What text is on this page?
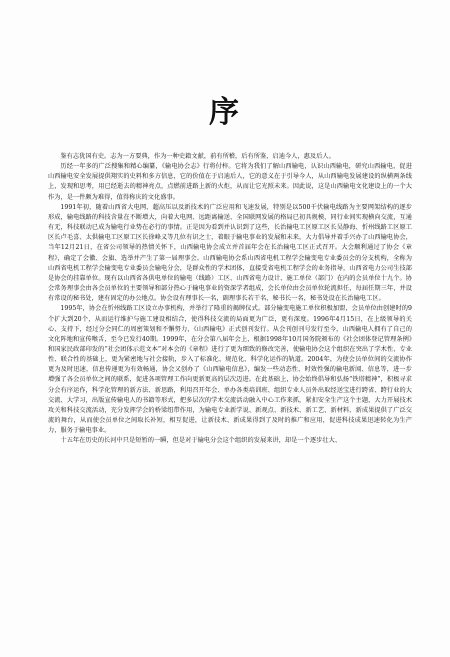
序

鉴有志犹国有史。志为一方要典，作为一种史籍文献，前有所稽，后有所鉴，启迪今人，惠及后人。

历经一年多的广泛搜集和精心编纂，《输电协会志》行将付梓。它将为我们了解山西输电，认识山西输电，研究山西输电，促进山西输电安全发展提供翔实的史料和多方信息，它的价值在于启迪后人，它的意义在于引导今人，从山西输电发展建设的纵横两条线上，发现和思考，用已经逝去的精神亮点，点燃前进路上新的火炬，从而让它光照未来。因此说，这是山西输电文化建设上的一个大作为，是一件颇为难得，值得称庆的文化盛事。

1991年初，随着山西省大电网、超高压以及新技术的广泛应用和飞速发展，特别是以500千伏输电线路为主要网架结构的逐步形成，输电线路的科技含量在不断增大，向着大电网、远距离输送、全国联网发展的格局已初具规模，同行业间实现横向交流，互通有无，科技联动已成为输电行业势在必行的事情。正是因为看到并认识到了这些，长治输电工区原工区长吴静海、忻州线路工区原工区长卢毛喜、太供输电工区原工区长徐峰义等几位有识之士，着眼于输电事业的发展和未来，大力倡导并着手兴办了山西输电协会，当年12月21日，在省公司领导的热情关怀下，山西输电协会成立并首届年会在长治输电工区正式召开。大会顺利通过了协会《章程》，确定了会徽、会旗、选举并产生了第一届理事会。山西输电协会系山西省电机工程学会输变电专业委员会的分支机构，全称为山西省电机工程学会输变电专业委员会输电分会，是群众性的学术团体，直接受省电机工程学会的业务指导，山西省电力公司生技部是协会的挂靠单位。现有以山西省各供电单位的输电（线路）工区、山西省电力设计、施工单位（部门）在内的会员单位十九个。协会常务理事会由各会员单位的主要领导和部分热心于输电事业的资深学者组成，会长单位由会员单位轮流担任，每届任期三年，并设有常设的秘书处，建有固定的办公地点。协会设有理事长一名，副理事长若干名，秘书长一名，秘书处设在长治输电工区。

1995年，协会在忻州线路工区设立办事机构，并举行了隆重的揭牌仪式。部分输变电施工单位积极加盟，会员单位由创建时的9个扩大到20个，从而运行维护与施工建设相结合，使得科技交流的局面更为广泛，更有深度。1996年4月15日，在上级领导的关心、支持下，经过分会同仁的周密策划和不懈努力，《山西输电》正式创刊发行。从会刊创刊号发行至今，山西输电人拥有了自己的文化阵地和宣传喉舌，至今已发行40期。1999年，在分会第八届年会上，根据1998年10月国务院颁布的《社会团体登记管理条例》和国家民政部印发的“社会团体示范文本”对本会的《章程》进行了更为细致的修改完善，使输电协会这个组织在突出了学术性、专业性、联合性的基础上，更为紧密地与社会接轨，步入了标准化、规范化、科学化运作的轨道。2004年，为使会员单位间的交流协作更为及时迅速，信息传递更为有效畅通，协会又创办了《山西输电信息》，编发一些动态性、时效性强的输电新闻、信息等，进一步增强了各会员单位之间的联系，促进各项管理工作向更新更高的层次迈进。在此基础上，协会始终倡导和弘扬“铁塔精神”，积极寻求分会有序运作，科学化管理的新方法、新思路，利用召开年会、单办各类培训班、组织专业人员外出取经送宝进行跨省、跨行业的大交流、大学习，出版宣传输电人的书籍等形式，把多层次的学术交流活动融入中心工作来抓，紧扣安全生产这个主题，大力开展技术攻关和科技交流活动，充分发挥学会的桥梁纽带作用，为输电专业新学说、新观点、新技术、新工艺、新材料、新成果提供了广泛交流的舞台，从而使会员单位之间取长补短，相互促进，让新技术、新成果得到了及时的推广和应用，促进科技成果迅速转化为生产力，服务于输电事业。

十五年在历史的长河中只是短暂的一瞬，但是对于输电分会这个组织的发展来讲，却是一个逐步壮大、
